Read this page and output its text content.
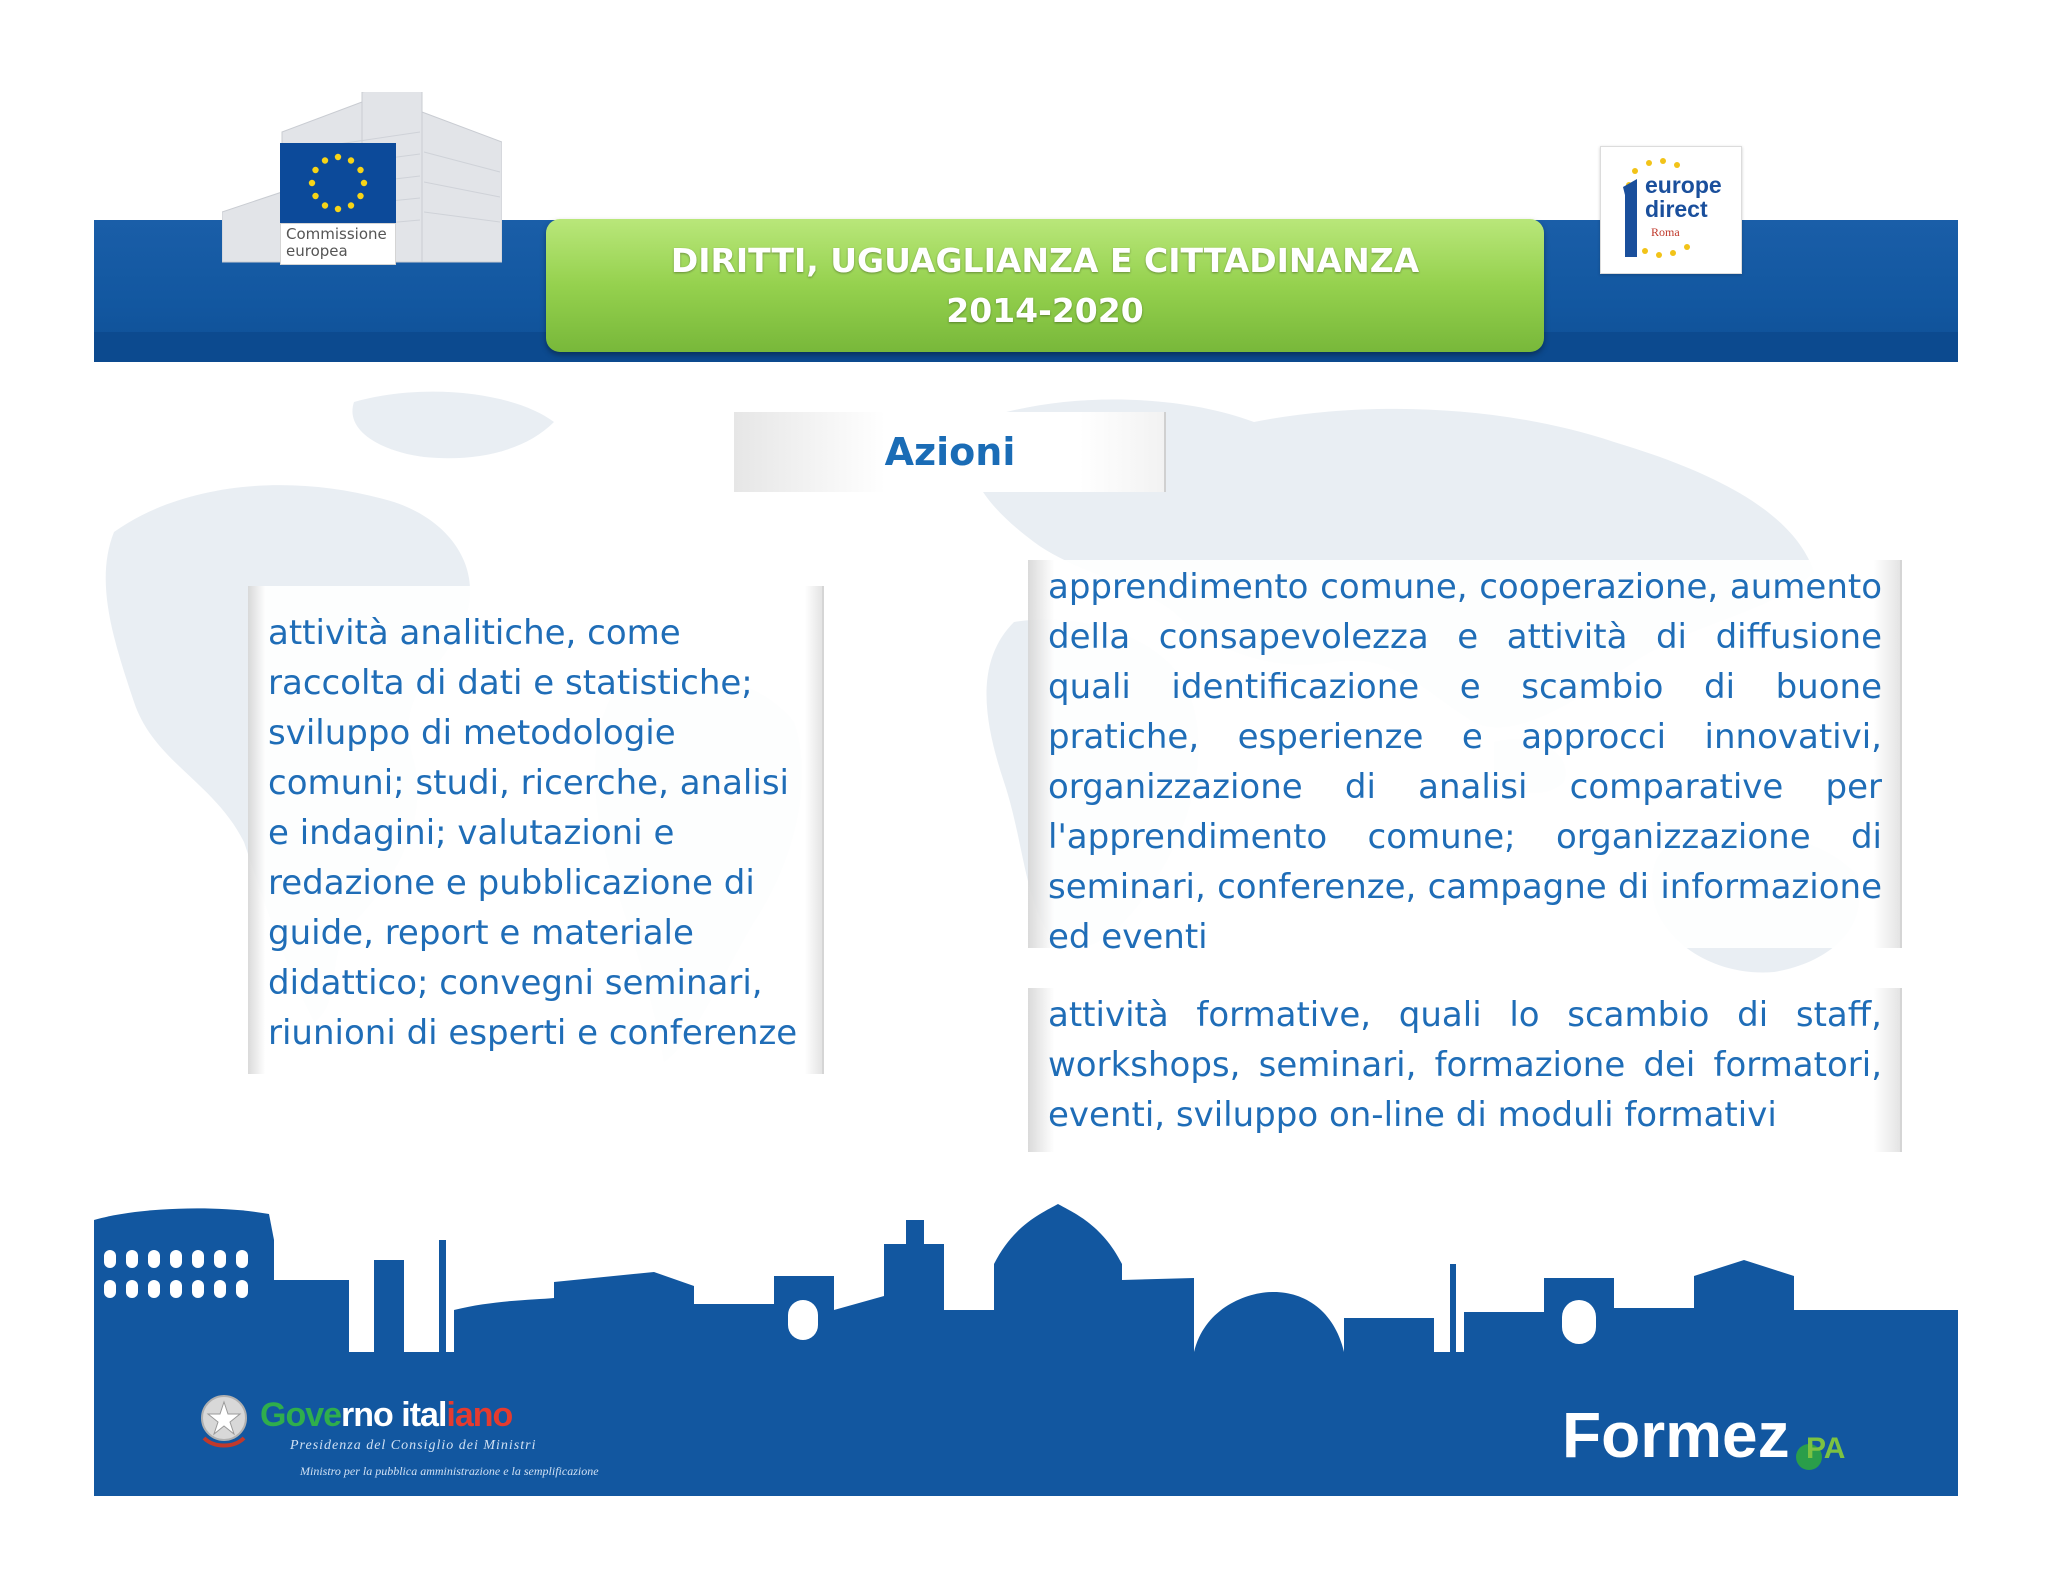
Commissione europea
europe direct
Roma
DIRITTI, UGUAGLIANZA E CITTADINANZA
2014-2020
Azioni
attività analitiche, come raccolta di dati e statistiche; sviluppo di metodologie comuni; studi, ricerche, analisi e indagini; valutazioni e redazione e pubblicazione di guide, report e materiale didattico; convegni seminari, riunioni di esperti e conferenze
apprendimento comune, cooperazione, aumento della consapevolezza e attività di diffusione quali identificazione e scambio di buone pratiche, esperienze e approcci innovativi, organizzazione di analisi comparative per l'apprendimento comune; organizzazione di seminari, conferenze, campagne di informazione ed eventi
attività formative, quali lo scambio di staff, workshops, seminari, formazione dei formatori, eventi, sviluppo on-line di moduli formativi
Governo italiano
Presidenza del Consiglio dei Ministri
Ministro per la pubblica amministrazione e la semplificazione	Formez PA
